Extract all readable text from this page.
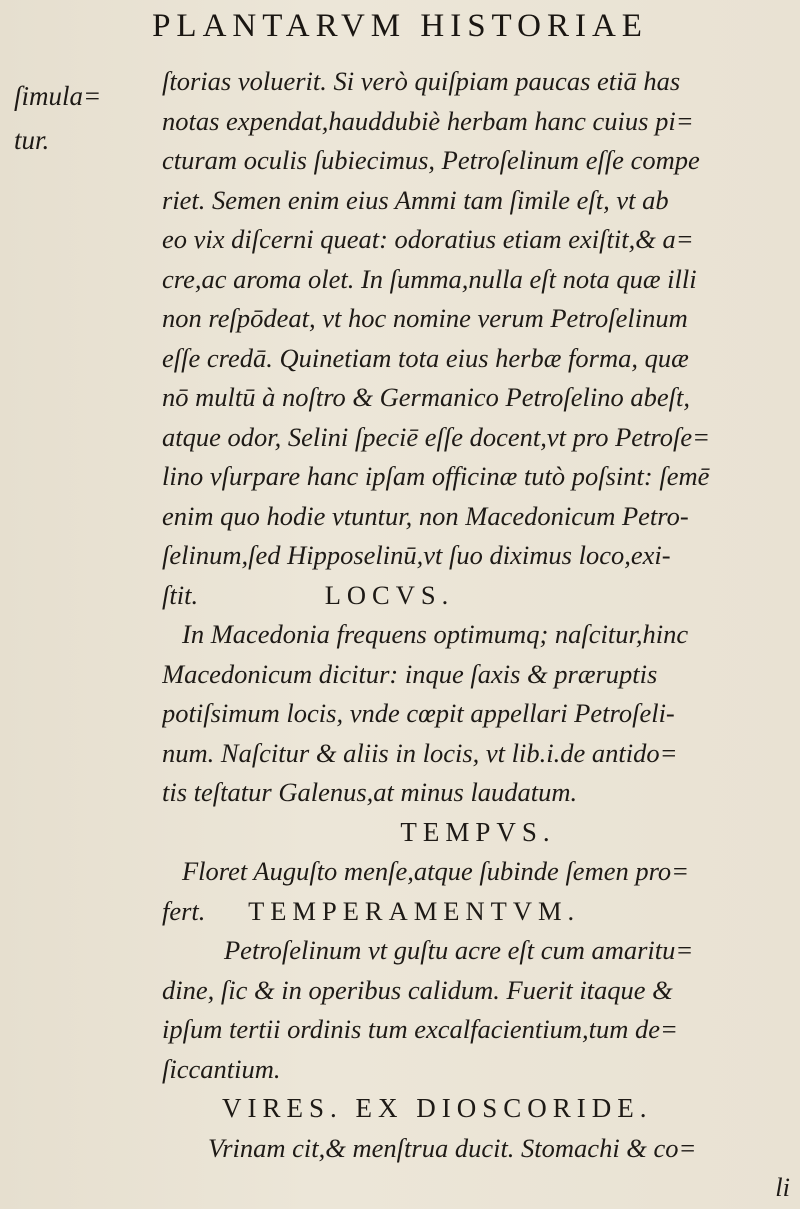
PLANTARVM HISTORIAE
ſimula=
tur.
ſtorias voluerit. Si verò quiſpiam paucas etiā has
notas expendat,hauddubiè herbam hanc cuius pi=
cturam oculis ſubiecimus, Petroſelinum eſſe compe
riet. Semen enim eius Ammi tam ſimile eſt, vt ab
eo vix diſcerni queat: odoratius etiam exiſtit,& a=
cre,ac aroma olet. In ſumma,nulla eſt nota quæ illi
non reſpōdeat, vt hoc nomine verum Petroſelinum
eſſe credā. Quinetiam tota eius herbæ forma, quæ
nō multū à noſtro & Germanico Petroſelino abeſt,
atque odor, Selini ſpeciē eſſe docent,vt pro Petroſe=
lino vſurpare hanc ipſam officinæ tutò poſsint: ſemē
enim quo hodie vtuntur, non Macedonicum Petro-
ſelinum,ſed Hipposelinū,vt ſuo diximus loco,exi-
ſtit.	LOCVS.
In Macedonia frequens optimumq; naſcitur,hinc
Macedonicum dicitur: inque ſaxis & præruptis
potiſsimum locis, vnde cœpit appellari Petroſeli-
num. Naſcitur & aliis in locis, vt lib.i.de antido=
tis teſtatur Galenus,at minus laudatum.
TEMPVS.
Floret Auguſto menſe,atque ſubinde ſemen pro=
fert. TEMPERAMENTVM.
Petroſelinum vt guſtu acre eſt cum amaritu=
dine, ſic & in operibus calidum. Fuerit itaque &
ipſum tertii ordinis tum excalfacientium,tum de=
ſiccantium.
VIRES. EX DIOSCORIDE.
Vrinam cit,& menſtrua ducit. Stomachi & co=
li
